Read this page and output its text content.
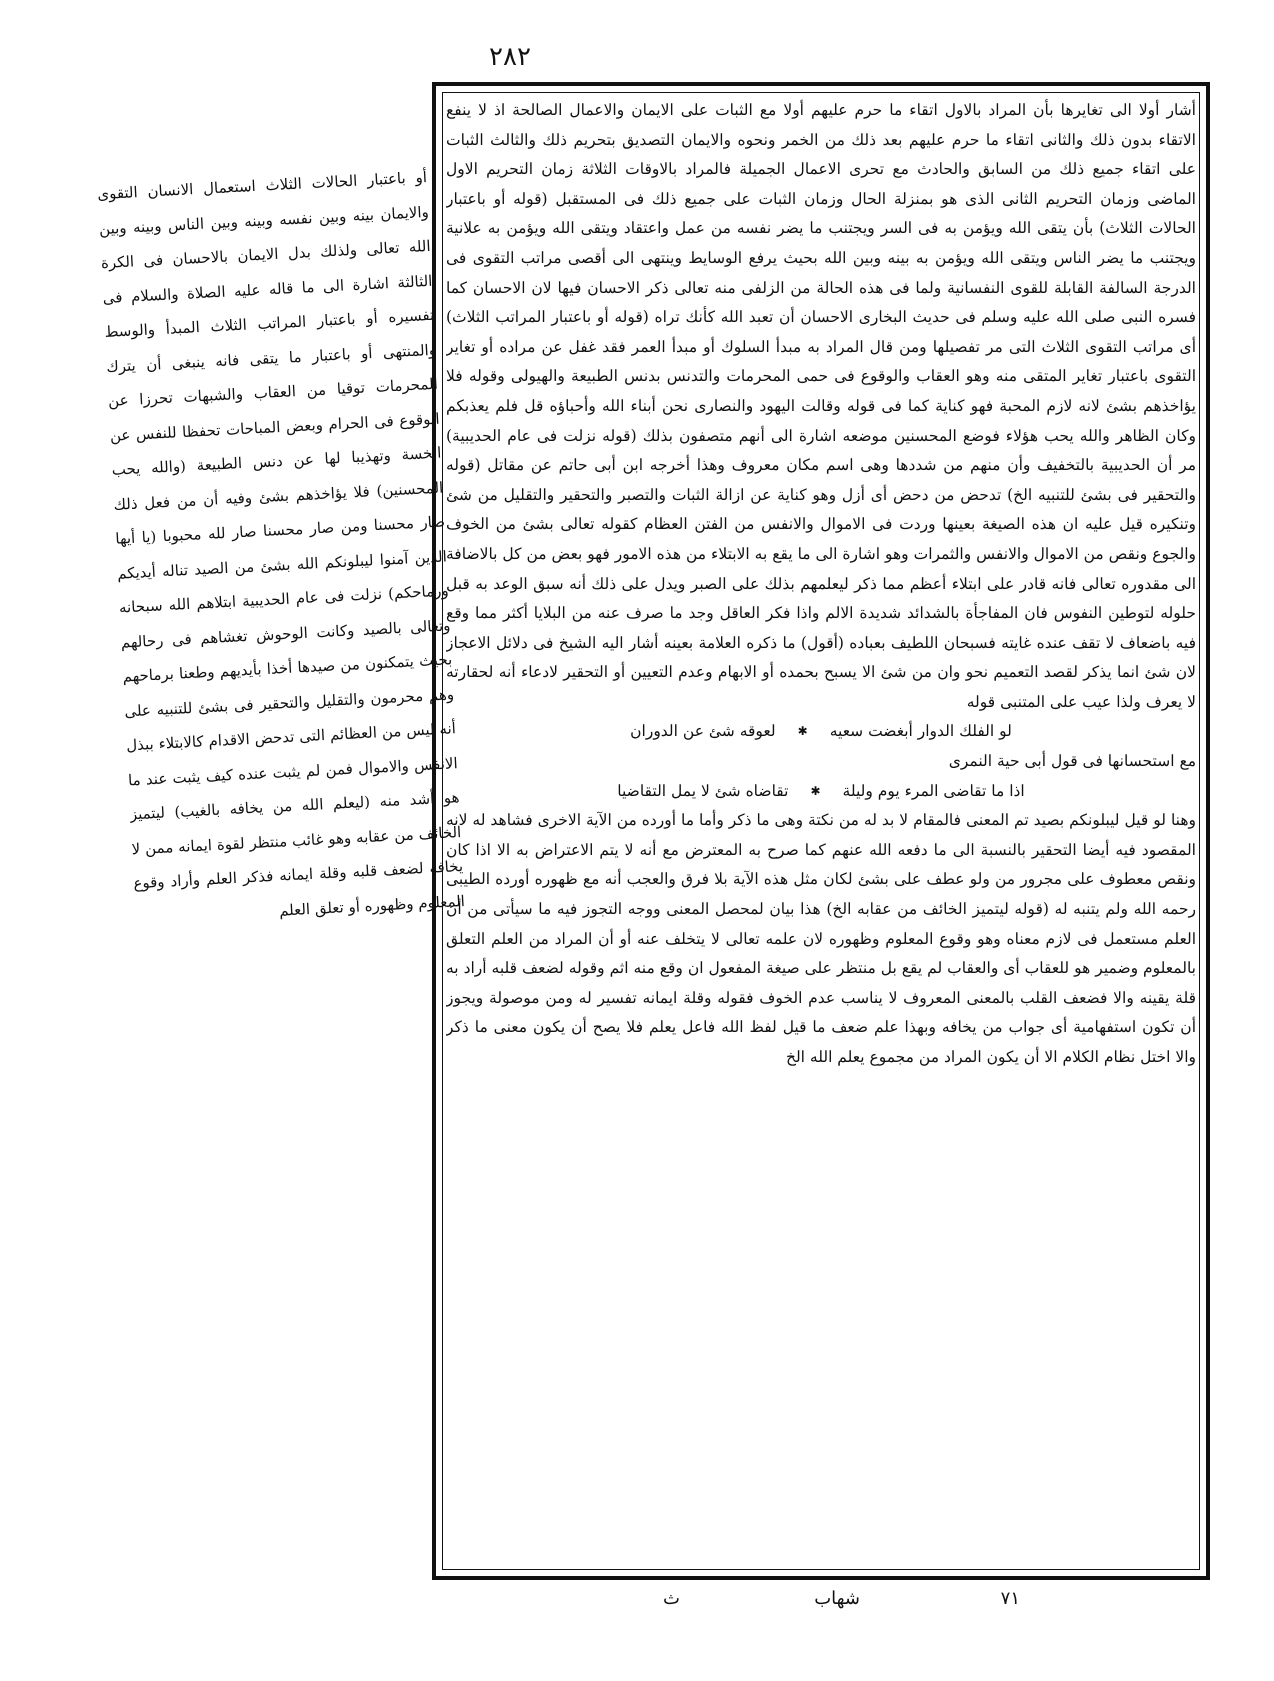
٢٨٢

أشار أولا الى تغايرها بأن المراد بالاول اتقاء ما حرم عليهم أولا مع الثبات على الايمان والاعمال الصالحة اذ لا ينفع الاتقاء بدون ذلك والثانى اتقاء ما حرم عليهم بعد ذلك من الخمر ونحوه والايمان التصديق بتحريم ذلك والثالث الثبات على اتقاء جميع ذلك من السابق والحادث مع تحرى الاعمال الجميلة فالمراد بالاوقات الثلاثة زمان التحريم الاول الماضى وزمان التحريم الثانى الذى هو بمنزلة الحال وزمان الثبات على جميع ذلك فى المستقبل (قوله أو باعتبار الحالات الثلاث) بأن يتقى الله ويؤمن به فى السر ويجتنب ما يضر نفسه من عمل واعتقاد ويتقى الله ويؤمن به علانية ويجتنب ما يضر الناس ويتقى الله ويؤمن به بينه وبين الله بحيث يرفع الوسايط وينتهى الى أقصى مراتب التقوى فى الدرجة السالفة القابلة للقوى النفسانية ولما فى هذه الحالة من الزلفى منه تعالى ذكر الاحسان فيها لان الاحسان كما فسره النبى صلى الله عليه وسلم فى حديث البخارى الاحسان أن تعبد الله كأنك تراه (قوله أو باعتبار المراتب الثلاث) أى مراتب التقوى الثلاث التى مر تفصيلها ومن قال المراد به مبدأ السلوك أو مبدأ العمر فقد غفل عن مراده أو تغاير التقوى باعتبار تغاير المتقى منه وهو العقاب والوقوع فى حمى المحرمات والتدنس بدنس الطبيعة والهيولى وقوله فلا يؤاخذهم بشئ لانه لازم المحبة فهو كناية كما فى قوله وقالت اليهود والنصارى نحن أبناء الله وأحباؤه قل فلم يعذبكم وكان الظاهر والله يحب هؤلاء فوضع المحسنين موضعه اشارة الى أنهم متصفون بذلك (قوله نزلت فى عام الحديبية) مر أن الحديبية بالتخفيف وأن منهم من شددها وهى اسم مكان معروف وهذا أخرجه ابن أبى حاتم عن مقاتل (قوله والتحقير فى بشئ للتنبيه الخ) تدحض من دحض أى أزل وهو كناية عن ازالة الثبات والتصبر والتحقير والتقليل من شئ وتنكيره قيل عليه ان هذه الصيغة بعينها وردت فى الاموال والانفس من الفتن العظام كقوله تعالى بشئ من الخوف والجوع ونقص من الاموال والانفس والثمرات وهو اشارة الى ما يقع به الابتلاء من هذه الامور فهو بعض من كل بالاضافة الى مقدوره تعالى فانه قادر على ابتلاء أعظم مما ذكر ليعلمهم بذلك على الصبر ويدل على ذلك أنه سبق الوعد به قبل حلوله لتوطين النفوس فان المفاجأة بالشدائد شديدة الالم واذا فكر العاقل وجد ما صرف عنه من البلايا أكثر مما وقع فيه باضعاف لا تقف عنده غايته فسبحان اللطيف بعباده (أقول) ما ذكره العلامة بعينه أشار اليه الشيخ فى دلائل الاعجاز لان شئ انما يذكر لقصد التعميم نحو وان من شئ الا يسبح بحمده أو الابهام وعدم التعيين أو التحقير لادعاء أنه لحقارته لا يعرف ولذا عيب على المتنبى قوله

لو الفلك الدوار أبغضت سعيه
✱
لعوقه شئ عن الدوران

مع استحسانها فى قول أبى حية النمرى

اذا ما تقاضى المرء يوم وليلة
✱
تقاضاه شئ لا يمل التقاضيا

وهنا لو قيل ليبلونكم بصيد تم المعنى فالمقام لا بد له من نكتة وهى ما ذكر وأما ما أورده من الآية الاخرى فشاهد له لانه المقصود فيه أيضا التحقير بالنسبة الى ما دفعه الله عنهم كما صرح به المعترض مع أنه لا يتم الاعتراض به الا اذا كان ونقص معطوف على مجرور من ولو عطف على بشئ لكان مثل هذه الآية بلا فرق والعجب أنه مع ظهوره أورده الطيبى رحمه الله ولم يتنبه له (قوله ليتميز الخائف من عقابه الخ) هذا بيان لمحصل المعنى ووجه التجوز فيه ما سيأتى من أن العلم مستعمل فى لازم معناه وهو وقوع المعلوم وظهوره لان علمه تعالى لا يتخلف عنه أو أن المراد من العلم التعلق بالمعلوم وضمير هو للعقاب أى والعقاب لم يقع بل منتظر على صيغة المفعول ان وقع منه اثم وقوله لضعف قلبه أراد به قلة يقينه والا فضعف القلب بالمعنى المعروف لا يناسب عدم الخوف فقوله وقلة ايمانه تفسير له ومن موصولة ويجوز أن تكون استفهامية أى جواب من يخافه وبهذا علم ضعف ما قيل لفظ الله فاعل يعلم فلا يصح أن يكون معنى ما ذكر والا اختل نظام الكلام الا أن يكون المراد من مجموع يعلم الله الخ

أو باعتبار الحالات الثلاث استعمال الانسان التقوى والايمان بينه وبين نفسه وبينه وبين الناس وبينه وبين الله تعالى ولذلك بدل الايمان بالاحسان فى الكرة الثالثة اشارة الى ما قاله عليه الصلاة والسلام فى تفسيره أو باعتبار المراتب الثلاث المبدأ والوسط والمنتهى أو باعتبار ما يتقى فانه ينبغى أن يترك المحرمات توقيا من العقاب والشبهات تحرزا عن الوقوع فى الحرام وبعض المباحات تحفظا للنفس عن الخسة وتهذيبا لها عن دنس الطبيعة (والله يحب المحسنين) فلا يؤاخذهم بشئ وفيه أن من فعل ذلك صار محسنا ومن صار محسنا صار لله محبوبا (يا أيها الذين آمنوا ليبلونكم الله بشئ من الصيد تناله أيديكم ورماحكم) نزلت فى عام الحديبية ابتلاهم الله سبحانه وتعالى بالصيد وكانت الوحوش تغشاهم فى رحالهم بحيث يتمكنون من صيدها أخذا بأيديهم وطعنا برماحهم وهم محرمون والتقليل والتحقير فى بشئ للتنبيه على أنه ليس من العظائم التى تدحض الاقدام كالابتلاء ببذل الانفس والاموال فمن لم يثبت عنده كيف يثبت عند ما هو أشد منه (ليعلم الله من يخافه بالغيب) ليتميز الخائف من عقابه وهو غائب منتظر لقوة ايمانه ممن لا يخافه لضعف قلبه وقلة ايمانه فذكر العلم وأراد وقوع المعلوم وظهوره أو تعلق العلم

٧١
شهاب
ث
